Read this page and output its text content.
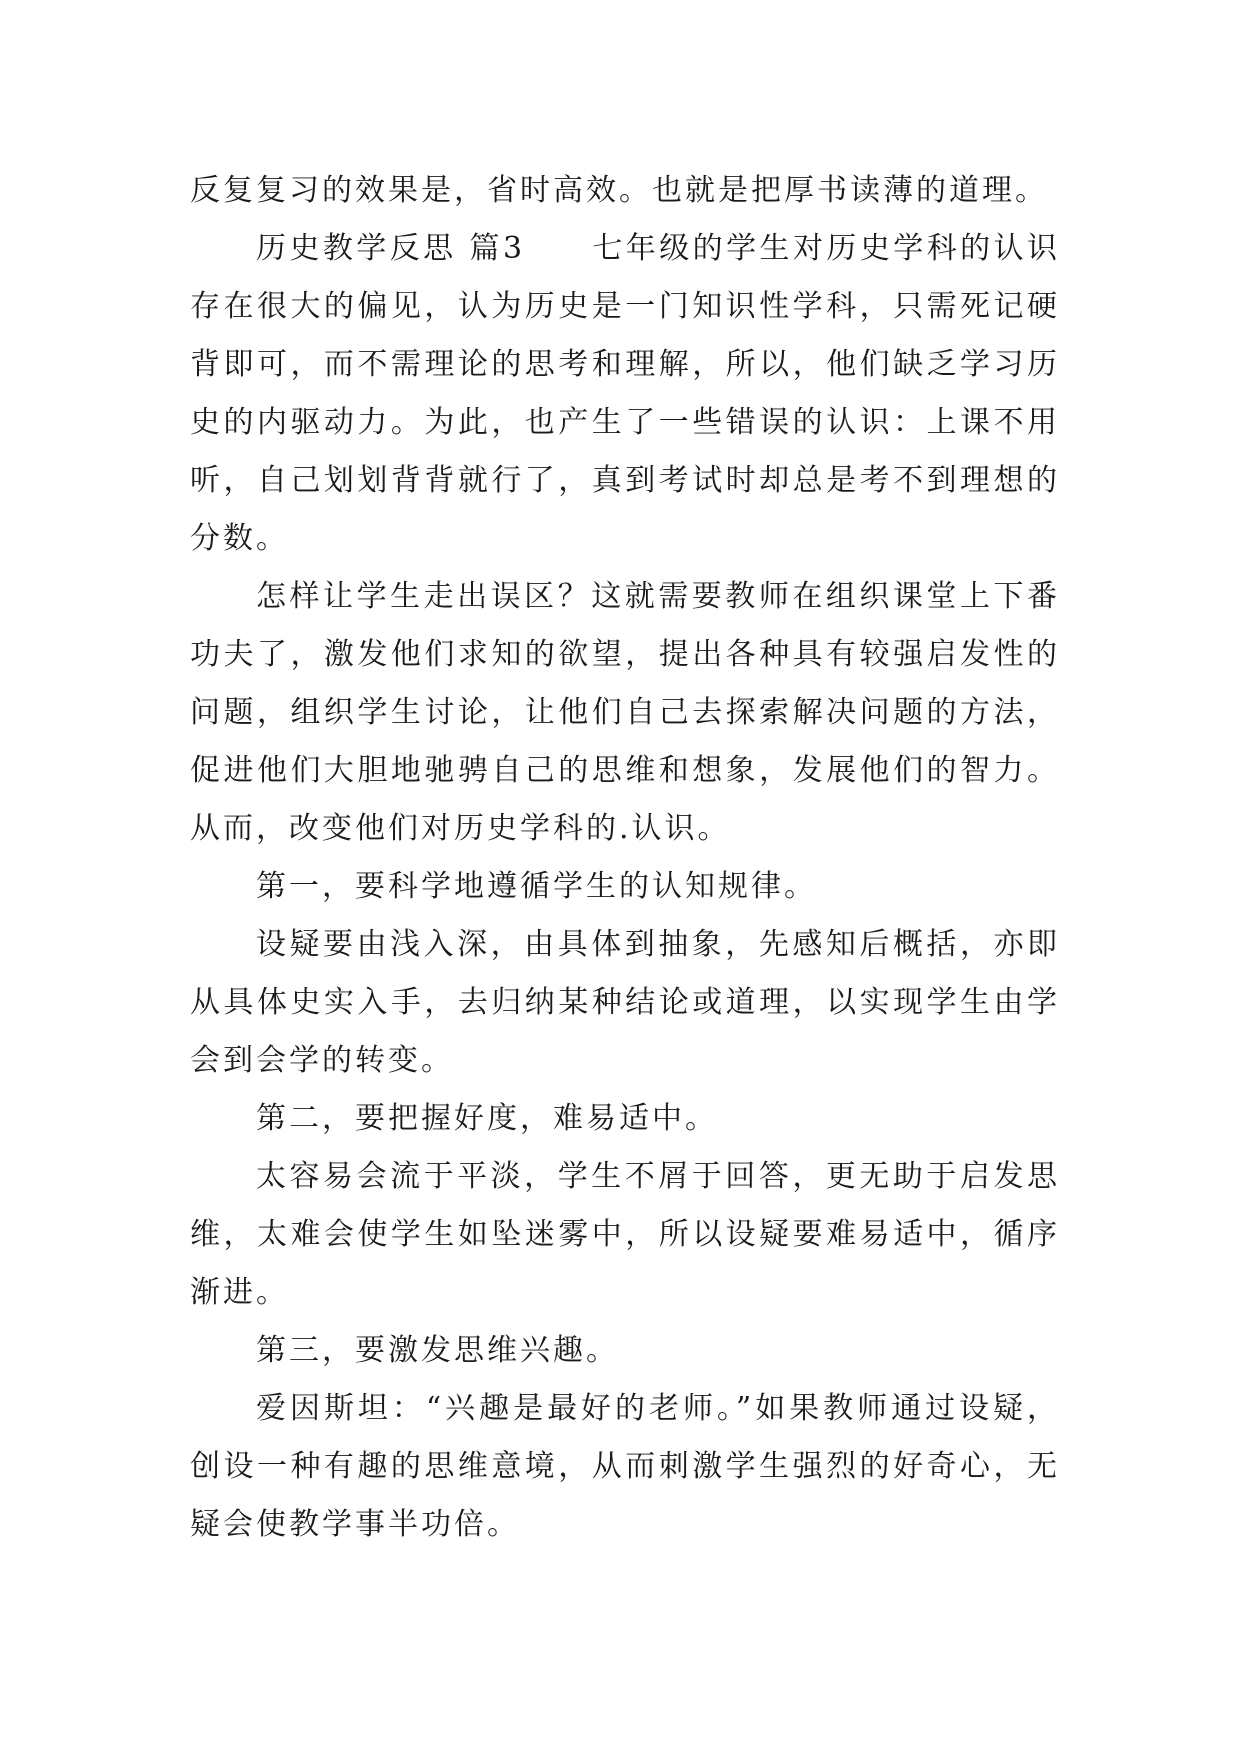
反复复习的效果是，省时高效。也就是把厚书读薄的道理。

历史教学反思 篇3　　七年级的学生对历史学科的认识存在很大的偏见，认为历史是一门知识性学科，只需死记硬背即可，而不需理论的思考和理解，所以，他们缺乏学习历史的内驱动力。为此，也产生了一些错误的认识：上课不用听，自己划划背背就行了，真到考试时却总是考不到理想的分数。

怎样让学生走出误区？这就需要教师在组织课堂上下番功夫了，激发他们求知的欲望，提出各种具有较强启发性的问题，组织学生讨论，让他们自己去探索解决问题的方法，促进他们大胆地驰骋自己的思维和想象，发展他们的智力。从而，改变他们对历史学科的.认识。

第一，要科学地遵循学生的认知规律。

设疑要由浅入深，由具体到抽象，先感知后概括，亦即从具体史实入手，去归纳某种结论或道理，以实现学生由学会到会学的转变。

第二，要把握好度，难易适中。

太容易会流于平淡，学生不屑于回答，更无助于启发思维，太难会使学生如坠迷雾中，所以设疑要难易适中，循序渐进。

第三，要激发思维兴趣。

爱因斯坦：“兴趣是最好的老师。”如果教师通过设疑，创设一种有趣的思维意境，从而刺激学生强烈的好奇心，无疑会使教学事半功倍。
